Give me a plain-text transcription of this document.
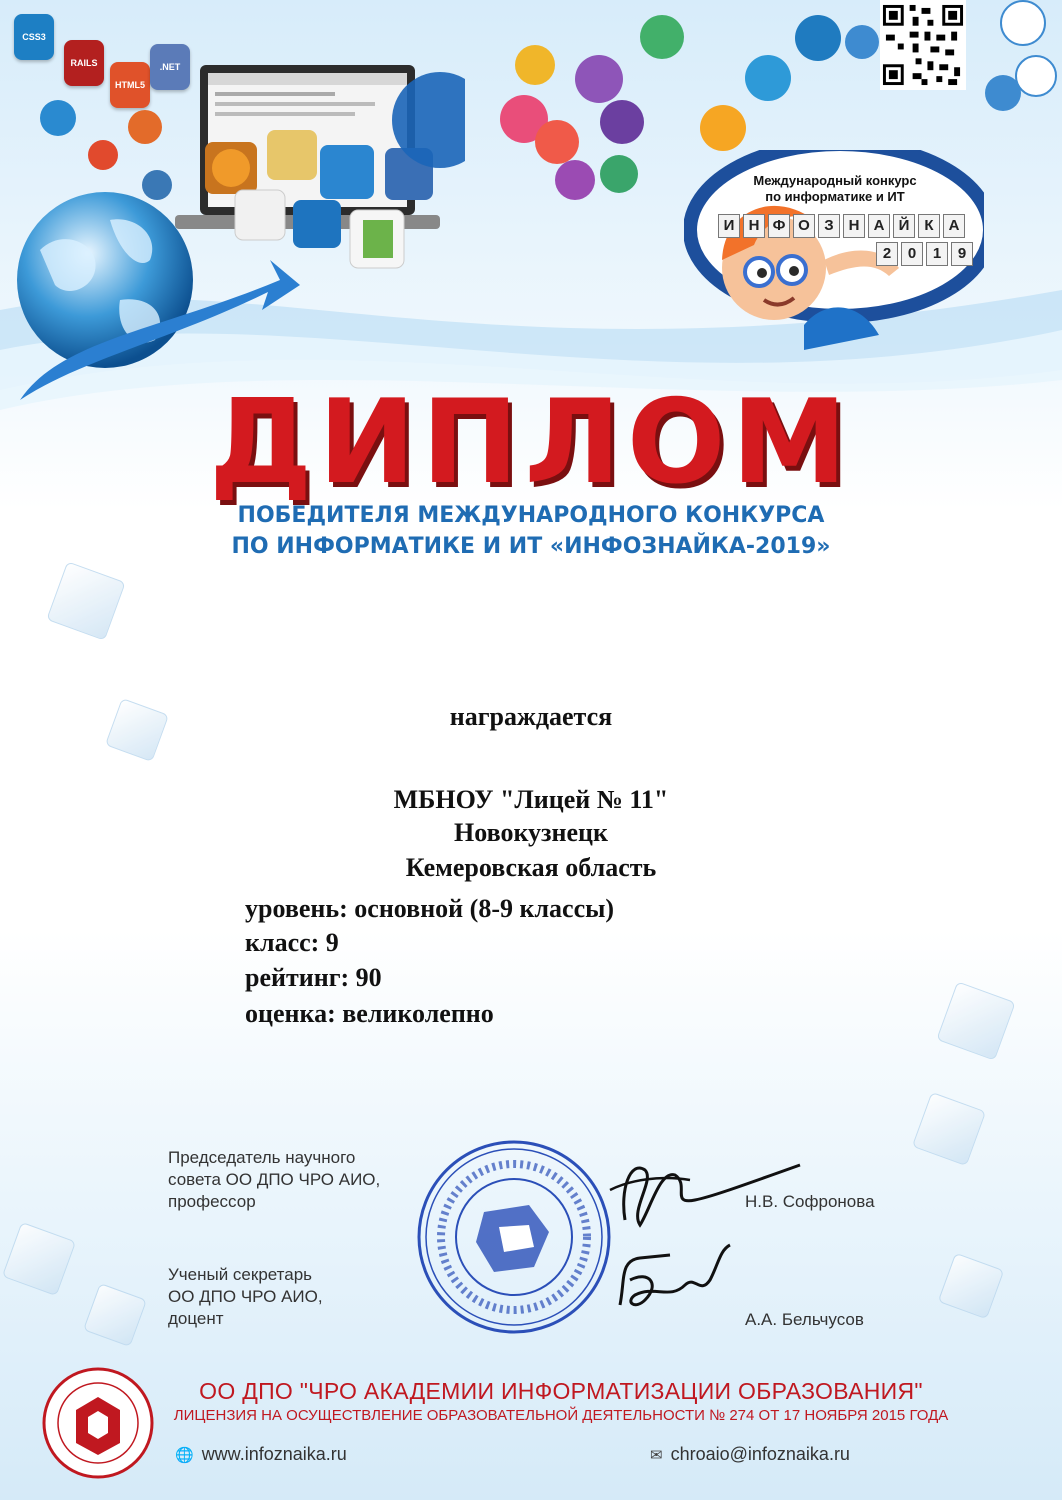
CSS3
RAILS
HTML5
.NET
Международный конкурс
по информатике и ИТ
И Н Ф О З Н А Й	К	А
2	0	1	9
ДИПЛОМ
ПОБЕДИТЕЛЯ МЕЖДУНАРОДНОГО КОНКУРСА
ПО ИНФОРМАТИКЕ И ИТ «ИНФОЗНАЙКА-2019»
награждается
МБНОУ "Лицей № 11"
Новокузнецк
Кемеровская область
уровень: основной (8-9 классы)
класс: 9
рейтинг: 90
оценка: великолепно
Председатель научного
совета ОО ДПО ЧРО АИО,
профессор	Н.В. Софронова
Ученый секретарь
ОО ДПО ЧРО АИО,
доцент	А.А. Бельчусов
ОО ДПО "ЧРО АКАДЕМИИ ИНФОРМАТИЗАЦИИ ОБРАЗОВАНИЯ"
ЛИЦЕНЗИЯ НА ОСУЩЕСТВЛЕНИЕ ОБРАЗОВАТЕЛЬНОЙ ДЕЯТЕЛЬНОСТИ № 274 ОТ 17 НОЯБРЯ 2015 ГОДА
🌐 www.infoznaika.ru	✉ chroaio@infoznaika.ru
